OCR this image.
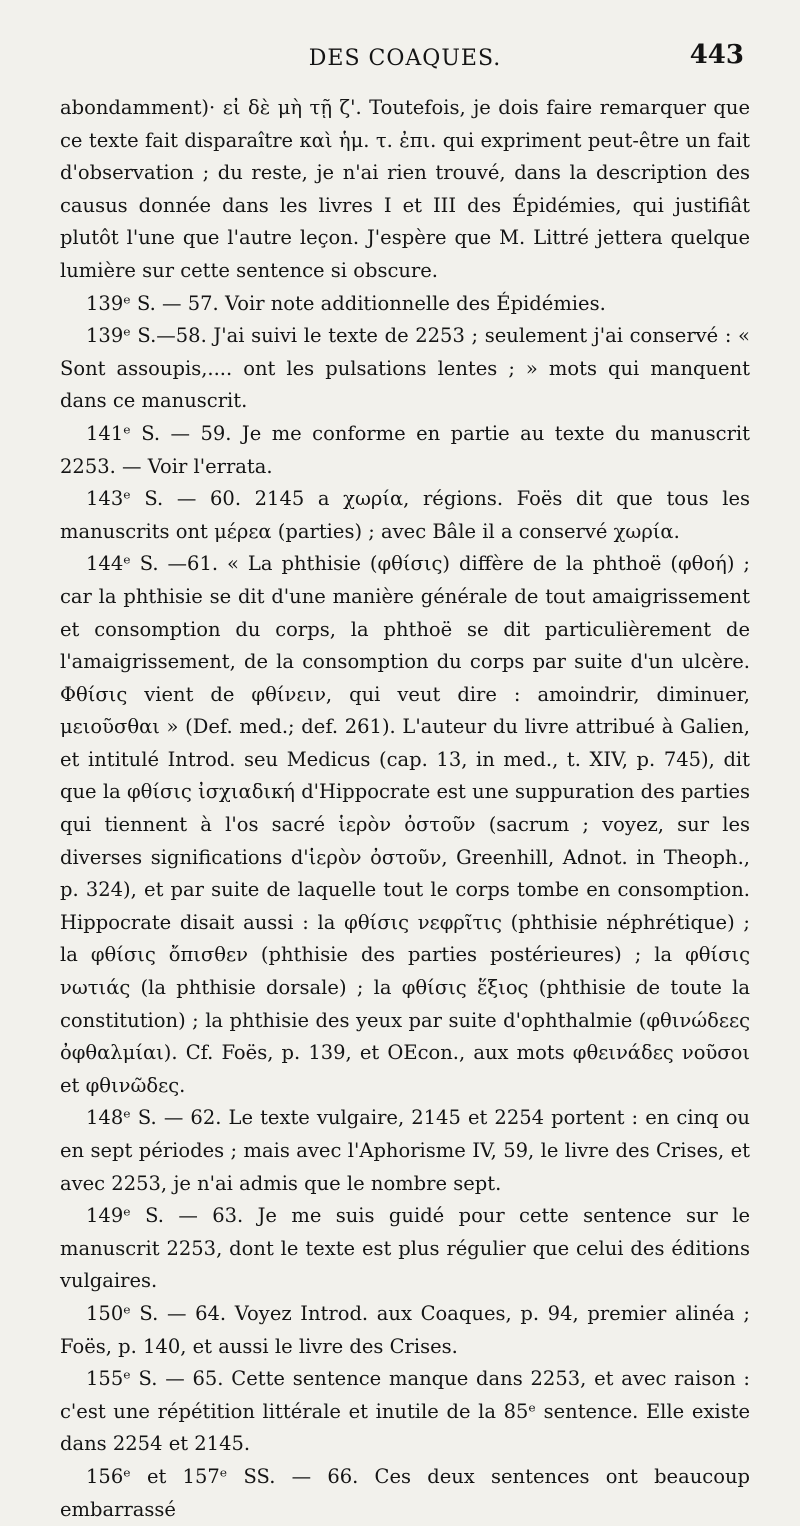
DES COAQUES.	443

abondamment)· εἰ δὲ μὴ τῇ ζ'. Toutefois, je dois faire remarquer que ce texte fait disparaître καὶ ἡμ. τ. ἐπι. qui expriment peut-être un fait d'observation ; du reste, je n'ai rien trouvé, dans la description des causus donnée dans les livres I et III des Épidémies, qui justifiât plutôt l'une que l'autre leçon. J'espère que M. Littré jettera quelque lumière sur cette sentence si obscure.

139ᵉ S. — 57. Voir note additionnelle des Épidémies.

139ᵉ S.—58. J'ai suivi le texte de 2253 ; seulement j'ai conservé : « Sont assoupis,.... ont les pulsations lentes ; » mots qui manquent dans ce manuscrit.

141ᵉ S. — 59. Je me conforme en partie au texte du manuscrit 2253. — Voir l'errata.

143ᵉ S. — 60. 2145 a χωρία, régions. Foës dit que tous les manuscrits ont μέρεα (parties) ; avec Bâle il a conservé χωρία.

144ᵉ S. —61. « La phthisie (φθίσις) diffère de la phthoë (φθοή) ; car la phthisie se dit d'une manière générale de tout amaigrissement et consomption du corps, la phthoë se dit particulièrement de l'amaigrissement, de la consomption du corps par suite d'un ulcère. Φθίσις vient de φθίνειν, qui veut dire : amoindrir, diminuer, μειοῦσθαι » (Def. med.; def. 261). L'auteur du livre attribué à Galien, et intitulé Introd. seu Medicus (cap. 13, in med., t. XIV, p. 745), dit que la φθίσις ἰσχιαδική d'Hippocrate est une suppuration des parties qui tiennent à l'os sacré ἱερὸν ὀστοῦν (sacrum ; voyez, sur les diverses significations d'ἱερὸν ὀστοῦν, Greenhill, Adnot. in Theoph., p. 324), et par suite de laquelle tout le corps tombe en consomption. Hippocrate disait aussi : la φθίσις νεφρῖτις (phthisie néphrétique) ; la φθίσις ὄπισθεν (phthisie des parties postérieures) ; la φθίσις νωτιάς (la phthisie dorsale) ; la φθίσις ἕξιος (phthisie de toute la constitution) ; la phthisie des yeux par suite d'ophthalmie (φθινώδεες ὀφθαλμίαι). Cf. Foës, p. 139, et OEcon., aux mots φθεινάδες νοῦσοι et φθινῶδες.

148ᵉ S. — 62. Le texte vulgaire, 2145 et 2254 portent : en cinq ou en sept périodes ; mais avec l'Aphorisme IV, 59, le livre des Crises, et avec 2253, je n'ai admis que le nombre sept.

149ᵉ S. — 63. Je me suis guidé pour cette sentence sur le manuscrit 2253, dont le texte est plus régulier que celui des éditions vulgaires.

150ᵉ S. — 64. Voyez Introd. aux Coaques, p. 94, premier alinéa ; Foës, p. 140, et aussi le livre des Crises.

155ᵉ S. — 65. Cette sentence manque dans 2253, et avec raison : c'est une répétition littérale et inutile de la 85ᵉ sentence. Elle existe dans 2254 et 2145.

156ᵉ et 157ᵉ SS. — 66. Ces deux sentences ont beaucoup embarrassé
